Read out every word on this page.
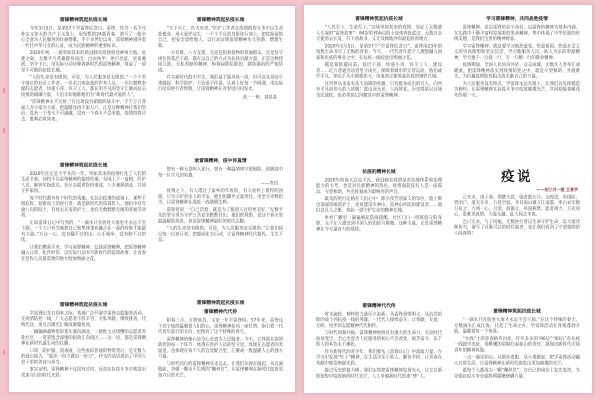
雷锋精神筑起抗疫长城

今年3月5日，是第57个学雷锋纪念日。雷锋，作为一名平凡朴实又伟大的共产主义战士，用短暂的24载青春，谱写了一曲全心全意为人民服务的壮丽赞歌。半个多世纪以来，雷锋精神滋养着一代代中华儿女的心灵，成为民族精神的重要标识。

2020年初，一场突如其来的新冠肺炎疫情席卷神州大地。危难之际，无数平凡英雄挺身而出：白衣执甲、逆行出征，星夜驰援、坚守卡口，用实际行动诠释着新时代的雷锋精神，筑起了一道坚不可摧的抗疫长城。

“人的生命是有限的，可是，为人民服务是无限的。”一个个坚守岗位的社区工作者，一名名日夜奋战的医务人员，一位位默默奉献的志愿者、快递小哥、环卫工人，都在用平凡的坚守汇聚成抗击疫情的磅礴力量，人们亲切地称他们为“新时代最可爱的人”。

“雷锋精神永不过时。”在这场没有硝烟的战斗中，千千万万普通人舍小家为大家，把温暖送进千家万户。正是这种精神让我们坚信：没有一个冬天不可逾越，没有一个春天不会来临，疫情终将过去，胜利必将到来。

雷锋精神筑起抗疫长城

2020年注定是不平凡的一年。突如其来的疫情打乱了人们的生活节奏，却挡不住雷锋精神的接续传递。全国上下一盘棋，医护人员、解放军指战员、社区志愿者纷纷请战，八方驰援湖北，共同守护家园。

每个时代都有每个时代的英雄。在抗击疫情的战场上，那些不惧危险、迎难而上的逆行者，就是新时代的雷锋传人。他们中有年逾八旬的院士，有剪去长发的护士，也有无数默默无闻的普通劳动者。

正如雷锋日记中写到的：“一滴水只有放进大海里才永远不会干涸，一个人只有当他把自己和集体事业融合在一起的时候才能最有力量。”万众一心，没有翻不过的山；心手相牵，没有跨不过的坎。

让我们携起手来，学习雷锋精神、弘扬雷锋精神，把雷锋精神融入日常、化作经常，以实际行动书写新时代的雷锋故事，让青春在党和人民最需要的地方绽放绚丽之花。

雷锋精神筑起抗疫长城

学雷锋纪念日到来之际，各地广泛开展学雷锋志愿服务活动。在疫情防控一线，广大志愿者不辞辛劳、无私奉献，细致排查、代购代送，用点点微光汇聚成璀璨星河。

一辆辆满载物资的货车驶向湖北，一批批主动请缨的志愿者奔赴社区，一笔笔饱含深情的捐款汇向疫区……这一切，都是雷锋精神在新时代最生动的注脚。

口罩、防护服、消毒液，这些看似普通的物资背后，是无数人的爱心接力。“能出一份力就出一份力”，朴实的话语道出了中国人骨子里的善良与担当。

事实证明，雷锋精神不仅没有过时，反而在抗疫斗争中焕发出更加夺目的时代光彩。

雷锋精神筑起抗疫长城

“天下兴亡，匹夫有责。”医护工作者在疫情防控斗争中以生命赴使命、用大爱护众生，一个个平凡的身影逆行而上，把危险留给自己、把安全留给他人，以行动证明雷锋精神历久弥新、熠熠生辉。

一方有难，八方支援。无论是捐款捐物的普通群众，还是坚守岗位的基层干部，都在以自己的方式为抗疫贡献力量。正是这种团结互助、无私奉献的精神，构筑起联防联控、群防群治的严密防线。

作为新时代的中学生，我们虽不能奔赴一线，但可以从身边小事做起：科学防护、不信谣不传谣、认真上好每一节网课，用实际行动向逆行者致敬，让雷锋精神在青春里闪闪发光。

高一一班：刘某某
承雷锋精神，疫中传真情

您有一种无畏叫人逆行，您有一种温情叫守望相助，致敬疫中每一位平凡的英雄。

——寄语

疫情之下，有人错过了家乡的年夜饭，有人放弃了难得的团圆，只为守护更多人的平安。他们用脚步丈量责任，用坚守诠释担当，让雷锋精神在战疫一线熠熠生辉。

雷锋曾说：“自己活着，就是为了使别人过得更美好。”无数平凡的坚守者为守护公共安全默默付出，他们的背影，是这个春天里最温暖的风景，也是雷锋精神最好的时代注脚。

“人的生命是有限的，可是，为人民服务是无限的。”让我们铭记每一位逆行者，把感动化为行动，让雷锋精神代代相传、生生不息。

雷锋精神筑起抗疫长城
雷锋精神代代传

阳春三月，万物复苏，又是一年学雷锋时。57年来，雷锋这个名字始终温暖着人们的心，雷锋精神如同一座灯塔，指引着一代代青年前行的方向，也照亮了这个特殊的春天。

雷锋精神的核心是全心全意为人民服务。今天，它体现在疫情防控的每一个环节：体现在医护人员的坚守里，体现在志愿者的奔波里，也体现在每个人的自觉配合里，汇聚成一股温暖人心的强大力量。

与时代同行的雷锋精神从未远去。让我们从现在做起、从点滴做起，争做一颗永不生锈的“螺丝钉”，让雷锋精神在新时代绽放更加夺目的光芒。

雷锋精神筑起抗疫长城

“人民至上、生命至上。”这场突如其来的疫情，见证了无数感人至深的“雷锋故事”：84岁的钟南山院士连夜奔赴武汉，无数白衣天使剪去长发、写下请战书，义无反顾地冲向最危险的地方。

2020年3月5日，是第57个“学雷锋纪念日”。雷锋用23年的短暂生命书写了无悔的青春；今天，一代代青年把个人理想融入国家和民族的事业之中，在抗疫一线绽放出绚丽之花。

越是艰险越向前。基层干部、快递小哥、环卫工人、建设者……亿万普通劳动者坚守岗位，保障着城市的正常运转。他们或许平凡，却在平凡中铸就伟大，用血肉之躯筑起抗疫的钢铁长城。

这世界从来没有从天而降的英雄，只有挺身而出的凡人。向所有平凡而伟大的人致敬！愿山河无恙、人间皆安。历史将铭记这场全民战疫，也必将铭记闪耀其中的雷锋精神。

抗疫的精神长城

2020年的春天注定不凡。新冠肺炎疫情是对治理体系和治理能力的大考，也是对民族精神的洗礼。疫情面前没有人是一座孤岛，守望相助、共克时艰成为最响亮的声音。

最美的逆行定格在人们心中：除夕夜告别家人的军医，脸上勒出深深印痕的护士，连夜建设火神山、雷神山医院的建设者……他们以凡人之躯，筑起一道守护生命的精神长城。

乡村广播里一遍遍响起防疫提醒，社区门口一班班值守的身影，无不让人感受到中国人的团结与凝聚。这种力量，正是雷锋精神在今天最有力的延续。

雷锋精神代代传

时光流转，榜样的力量历久弥新。从雷锋到郭明义，从抗洪抢险的战士到抗疫一线的英雄，一代代人接续奋斗，让奉献、友爱、互助、进步的志愿精神代代相传。

与时代同频共振，雷锋精神始终具有强大的生命力。无论时代如何变迁，全心全意为人民服务的初心不会改变，艰苦奋斗、乐于助人的本色永不褪色。

作为新时代的青少年，我们要从《雷锋日记》中汲取力量，在学习中发扬“钉子”精神，在生活中乐于助人、勤俭节约，让青春在奉献中焕发绚丽光彩。

接过历史的接力棒，我们定将把雷锋精神发扬光大，让它在新的征程中绽放新的时代光芒，人人争做新时代的追“锋”人。

学习雷锋精神，共同战胜疫情

雷锋精神，是以雷锋的名字命名、以雷锋的精神为基本内涵、在实践中不断丰富和发展着的革命精神，集中体现了中华民族的传统美德，是我们宝贵的精神财富。

学习雷锋精神，就是要学习他热爱党、热爱祖国、热爱社会主义的崇高理想和坚定信念，学习他服务人民、助人为乐的奉献精神，学习他干一行爱一行、专一行精一行的敬业精神。

疫情期间，全国人民同舟共济、众志成城，无数凡人善举汇成暖流。把雷锋精神落实到疫情防控之中，就是守望相助、共渡难关，为打赢疫情防控阻击战贡献自己的力量。

为人民服务没有终点，学雷锋永远在路上。让我们以先锋模范为榜样，让雷锋精神在抗疫斗争中绽放璀璨光芒，共同迎接春暖花开的那一天。

疫说
——初三月一班 王某宇

己亥末，庚子春，荆楚大疫，染者数万计。众惶恐，举国防，皆闭户，道无车舟，万巷空寂。幸有南山镇守江南都，率白衣军数万抗之；九州一心，月余，疫渐止，举国称赞。能者竭力，万民同心，患难见真情，大爱无疆，此人间之幸也。

岂曰无衣，与子同袍。无数逆行者以生命守护生命、以大爱诠释担当，谱写了可歌可泣的时代篇章，也让我们看到了守望相助的人间真情！

雷锋精神筑起抗疫长城

“一滴水只有放进大海才永远不会干涸。”在这个特殊的春天，无数滴水汇成江海，托起了生命之舟，学雷锋活动在各地蓬勃开展，温暖着每一个角落。

“火线”上的青春格外闪亮。许许多多的“90后”“00后”在抗疫一线披甲出征，用稚嫩的肩膀扛起如山的责任，展现出新时代中国青年的精神风貌。

一点一滴见初心。从细处着眼、从小事做起，把学雷锋活动融入日常生活，让雷锋精神在新时代焕发出更加璀璨的光芒。

愿每个人都成为一颗“螺丝钉”，在自己的岗位上发光发热，为夺取抗疫斗争全面胜利凝聚磅礴力量。
